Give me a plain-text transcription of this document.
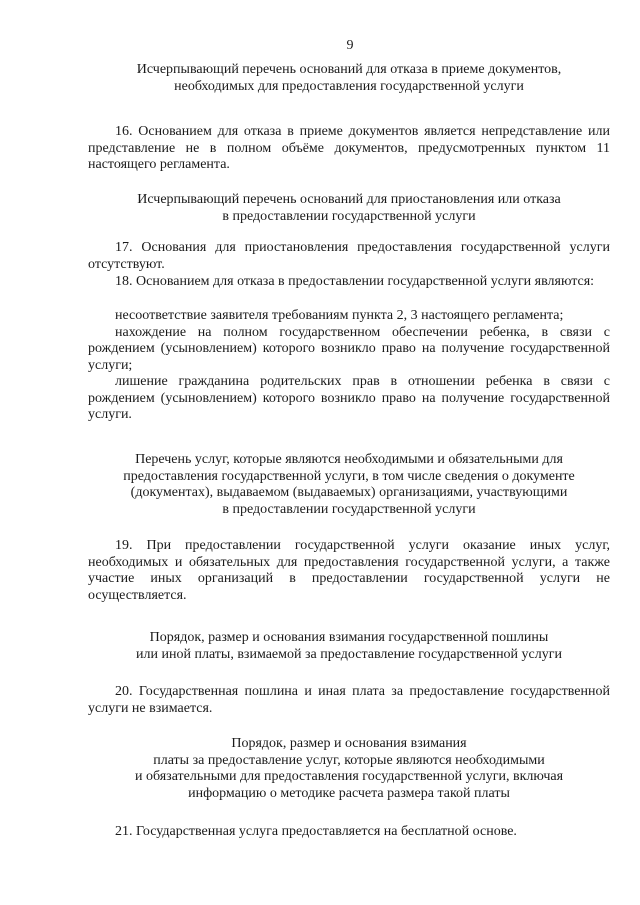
9
Исчерпывающий перечень оснований для отказа в приеме документов,
необходимых для предоставления государственной услуги
16. Основанием для отказа в приеме документов является непредставление или представление не в полном объёме документов, предусмотренных пунктом 11 настоящего регламента.
Исчерпывающий перечень оснований для приостановления или отказа
в предоставлении государственной услуги
17. Основания для приостановления предоставления государственной услуги отсутствуют.
18. Основанием для отказа в предоставлении государственной услуги являются:
несоответствие заявителя требованиям пункта 2, 3 настоящего регламента;
нахождение на полном государственном обеспечении ребенка, в связи с рождением (усыновлением) которого возникло право на получение государственной услуги;
лишение гражданина родительских прав в отношении ребенка в связи с рождением (усыновлением) которого возникло право на получение государственной услуги.
Перечень услуг, которые являются необходимыми и обязательными для
предоставления государственной услуги, в том числе сведения о документе
(документах), выдаваемом (выдаваемых) организациями, участвующими
в предоставлении государственной услуги
19. При предоставлении государственной услуги оказание иных услуг, необходимых и обязательных для предоставления государственной услуги, а также участие иных организаций в предоставлении государственной услуги не осуществляется.
Порядок, размер и основания взимания государственной пошлины
или иной платы, взимаемой за предоставление государственной услуги
20. Государственная пошлина и иная плата за предоставление государственной услуги не взимается.
Порядок, размер и основания взимания
платы за предоставление услуг, которые являются необходимыми
и обязательными для предоставления государственной услуги, включая
информацию о методике расчета размера такой платы
21. Государственная услуга предоставляется на бесплатной основе.
